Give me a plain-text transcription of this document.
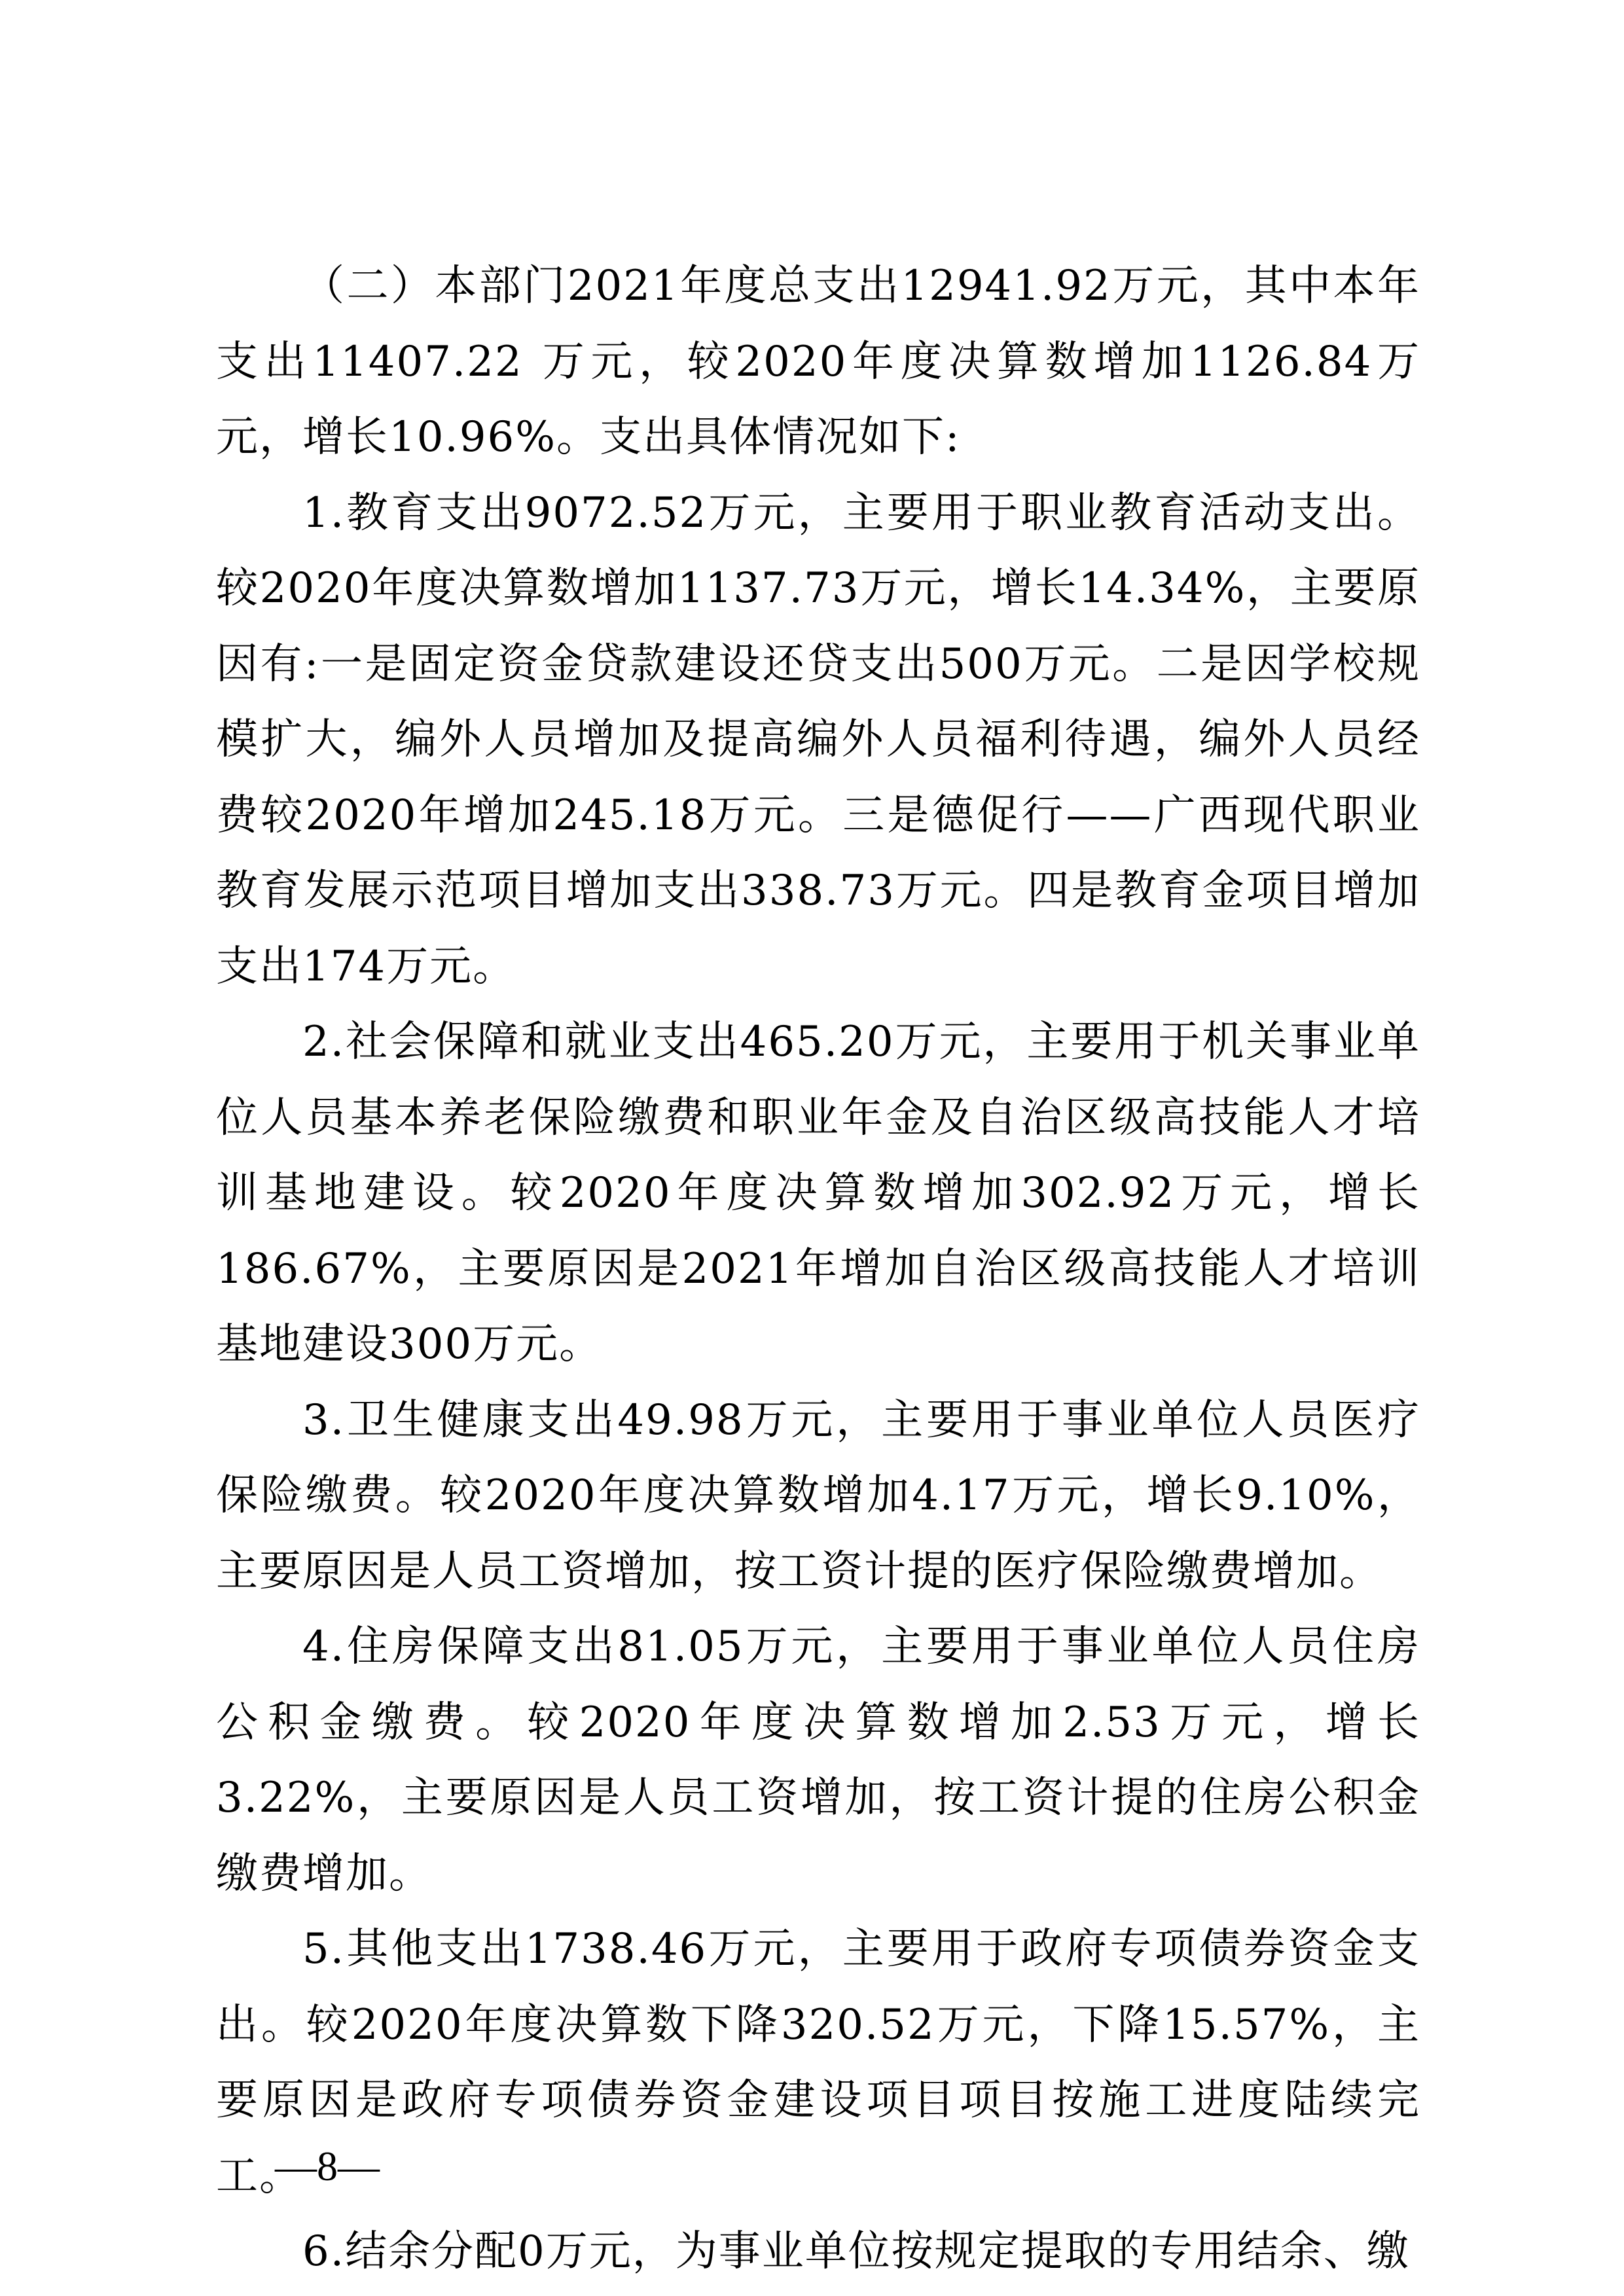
（二）本部门2021年度总支出12941.92万元，其中本年支出11407.22 万元，较2020年度决算数增加1126.84万元，增长10.96%。支出具体情况如下:

1.教育支出9072.52万元，主要用于职业教育活动支出。较2020年度决算数增加1137.73万元，增长14.34%，主要原因有:一是固定资金贷款建设还贷支出500万元。二是因学校规模扩大，编外人员增加及提高编外人员福利待遇，编外人员经费较2020年增加245.18万元。三是德促行——广西现代职业教育发展示范项目增加支出338.73万元。四是教育金项目增加支出174万元。

2.社会保障和就业支出465.20万元，主要用于机关事业单位人员基本养老保险缴费和职业年金及自治区级高技能人才培训基地建设。较2020年度决算数增加302.92万元，增长186.67%，主要原因是2021年增加自治区级高技能人才培训基地建设300万元。

3.卫生健康支出49.98万元，主要用于事业单位人员医疗保险缴费。较2020年度决算数增加4.17万元，增长9.10%，主要原因是人员工资增加，按工资计提的医疗保险缴费增加。

4.住房保障支出81.05万元，主要用于事业单位人员住房公积金缴费。较2020年度决算数增加2.53万元，增长3.22%，主要原因是人员工资增加，按工资计提的住房公积金缴费增加。

5.其他支出1738.46万元，主要用于政府专项债券资金支出。较2020年度决算数下降320.52万元，下降15.57%，主要原因是政府专项债券资金建设项目项目按施工进度陆续完工。

6.结余分配0万元，为事业单位按规定提取的专用结余、缴

—8—
